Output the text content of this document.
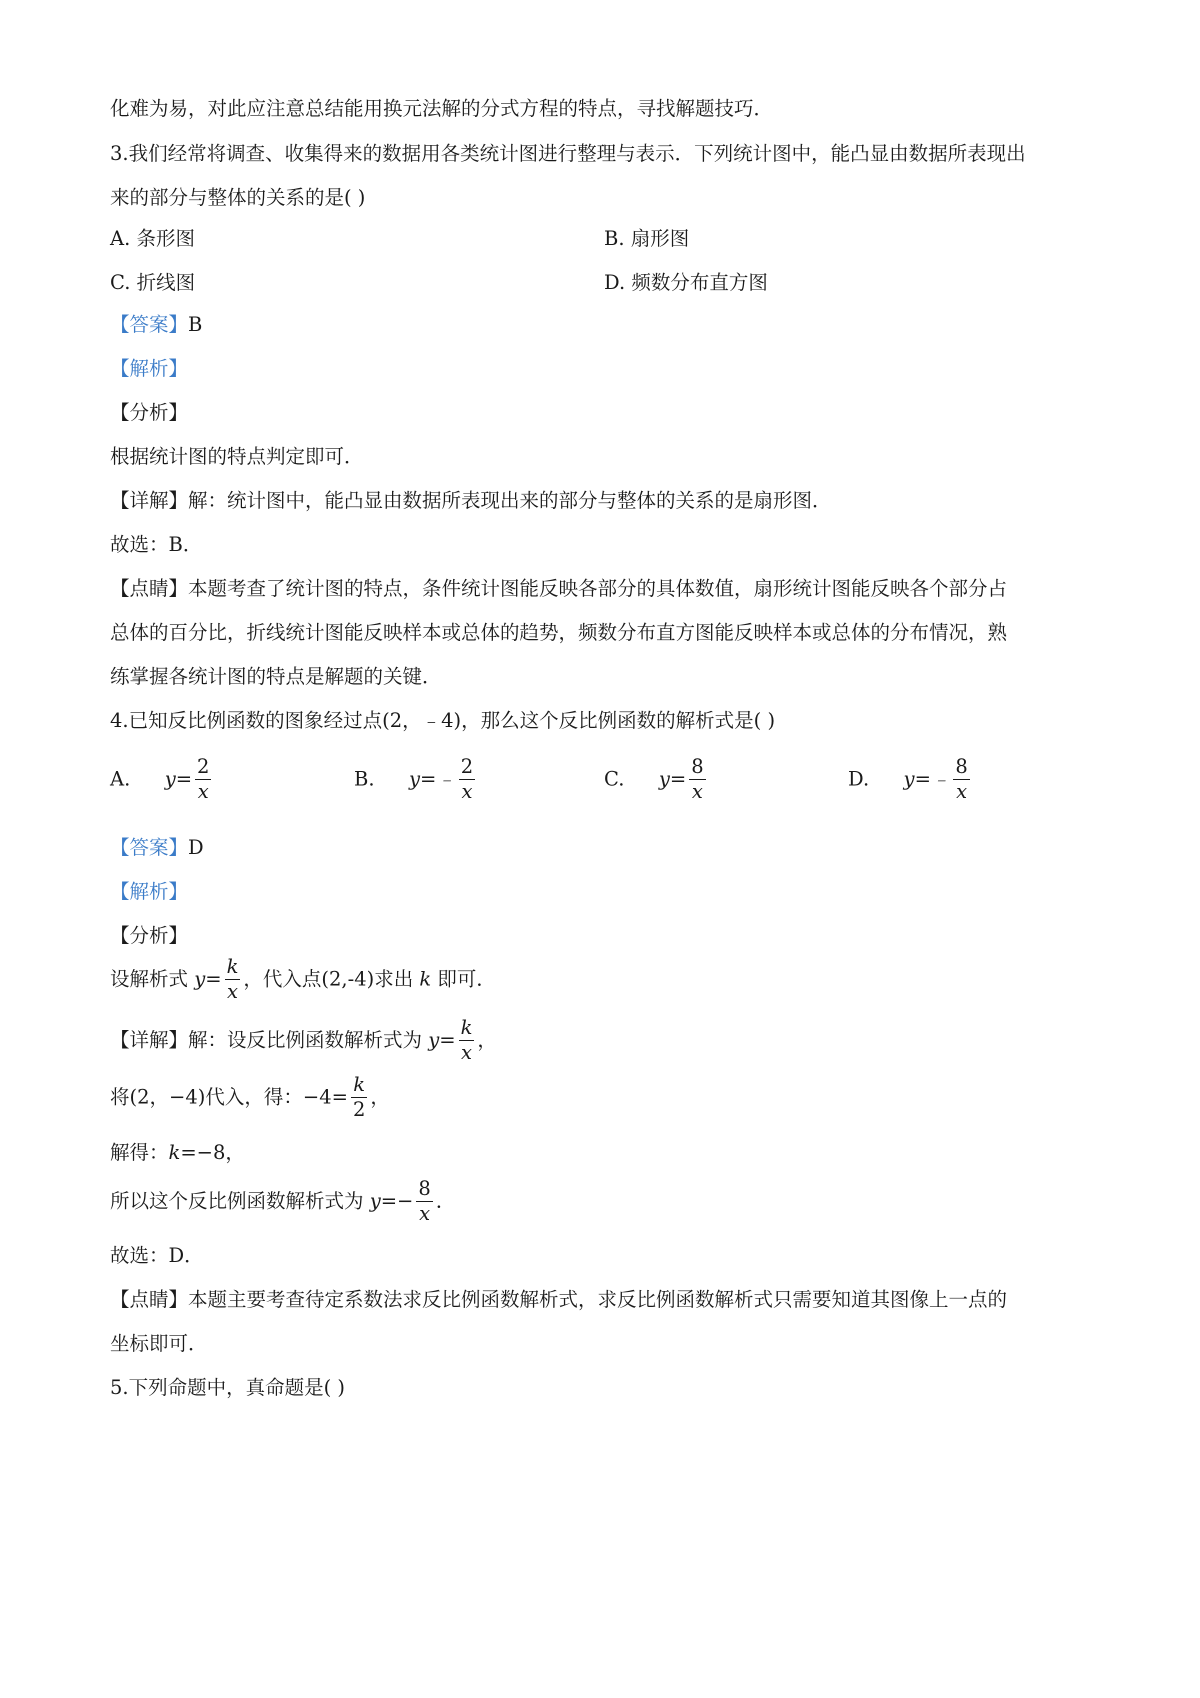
化难为易，对此应注意总结能用换元法解的分式方程的特点，寻找解题技巧．
3.我们经常将调查、收集得来的数据用各类统计图进行整理与表示．下列统计图中，能凸显由数据所表现出
来的部分与整体的关系的是( )
A. 条形图	B. 扇形图
C. 折线图	D. 频数分布直方图
【答案】B
【解析】
【分析】
根据统计图的特点判定即可．
【详解】解：统计图中，能凸显由数据所表现出来的部分与整体的关系的是扇形图．
故选：B．
【点睛】本题考查了统计图的特点，条件统计图能反映各部分的具体数值，扇形统计图能反映各个部分占
总体的百分比，折线统计图能反映样本或总体的趋势，频数分布直方图能反映样本或总体的分布情况，熟
练掌握各统计图的特点是解题的关键．
4.已知反比例函数的图象经过点(2，﹣4)，那么这个反比例函数的解析式是( )
A. $y= \frac{2}{x}$	B. y=﹣ $\frac{2}{x}$	C. $y= \frac{8}{x}$	D. y=﹣ $\frac{8}{x}$
【答案】D
【解析】
【分析】
设解析式 $y= \frac{k}{x}$ ，代入点(2,-4)求出 k 即可．
【详解】解：设反比例函数解析式为 $y= \frac{k}{x}$ ，
将(2，−4)代入，得：$-4= \frac{k}{2}$ ，
解得：k=−8，
所以这个反比例函数解析式为 $y=- \frac{8}{x}$ ．
故选：D．
【点睛】本题主要考查待定系数法求反比例函数解析式，求反比例函数解析式只需要知道其图像上一点的
坐标即可．
5.下列命题中，真命题是( )
